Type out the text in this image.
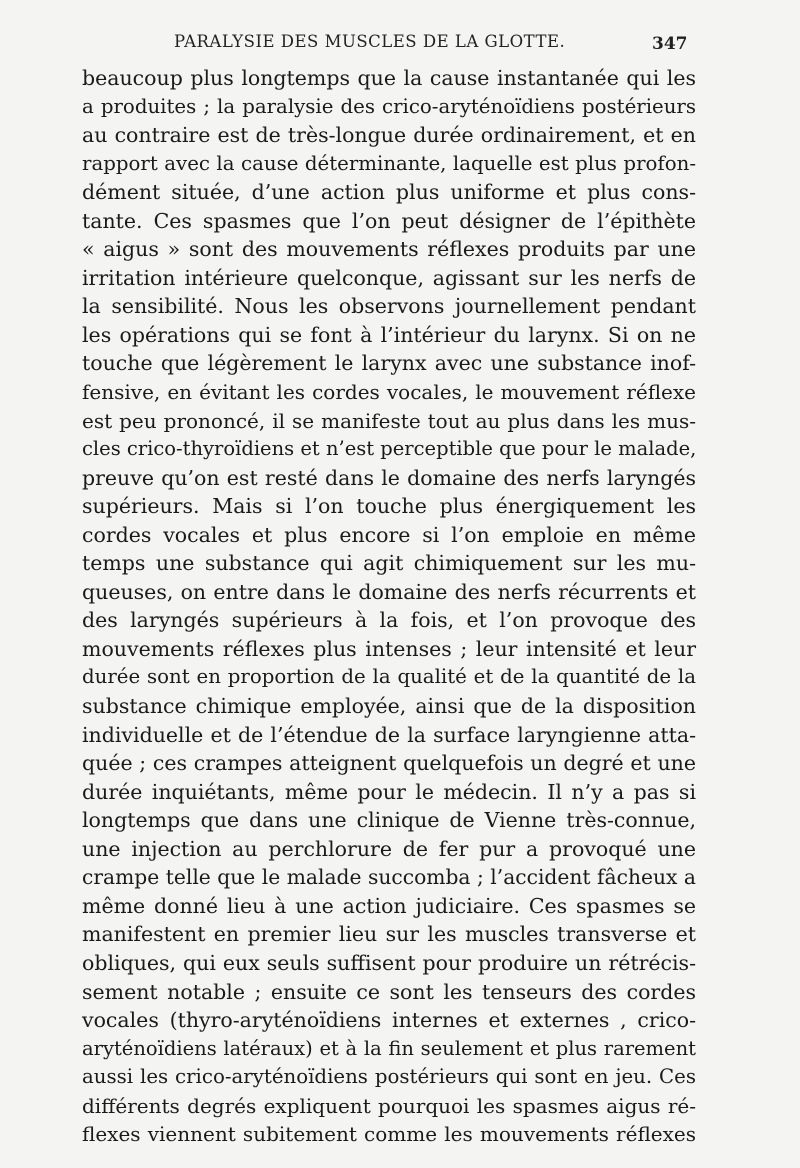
PARALYSIE DES MUSCLES DE LA GLOTTE.	347
beaucoup plus longtemps que la cause instantanée qui les
a produites ; la paralysie des crico-aryténoïdiens postérieurs
au contraire est de très-longue durée ordinairement, et en
rapport avec la cause déterminante, laquelle est plus profon-
dément située, d’une action plus uniforme et plus cons-
tante. Ces spasmes que l’on peut désigner de l’épithète
« aigus » sont des mouvements réflexes produits par une
irritation intérieure quelconque, agissant sur les nerfs de
la sensibilité. Nous les observons journellement pendant
les opérations qui se font à l’intérieur du larynx. Si on ne
touche que légèrement le larynx avec une substance inof-
fensive, en évitant les cordes vocales, le mouvement réflexe
est peu prononcé, il se manifeste tout au plus dans les mus-
cles crico-thyroïdiens et n’est perceptible que pour le malade,
preuve qu’on est resté dans le domaine des nerfs laryngés
supérieurs. Mais si l’on touche plus énergiquement les
cordes vocales et plus encore si l’on emploie en même
temps une substance qui agit chimiquement sur les mu-
queuses, on entre dans le domaine des nerfs récurrents et
des laryngés supérieurs à la fois, et l’on provoque des
mouvements réflexes plus intenses ; leur intensité et leur
durée sont en proportion de la qualité et de la quantité de la
substance chimique employée, ainsi que de la disposition
individuelle et de l’étendue de la surface laryngienne atta-
quée ; ces crampes atteignent quelquefois un degré et une
durée inquiétants, même pour le médecin. Il n’y a pas si
longtemps que dans une clinique de Vienne très-connue,
une injection au perchlorure de fer pur a provoqué une
crampe telle que le malade succomba ; l’accident fâcheux a
même donné lieu à une action judiciaire. Ces spasmes se
manifestent en premier lieu sur les muscles transverse et
obliques, qui eux seuls suffisent pour produire un rétrécis-
sement notable ; ensuite ce sont les tenseurs des cordes
vocales (thyro-aryténoïdiens internes et externes , crico-
aryténoïdiens latéraux) et à la fin seulement et plus rarement
aussi les crico-aryténoïdiens postérieurs qui sont en jeu. Ces
différents degrés expliquent pourquoi les spasmes aigus ré-
flexes viennent subitement comme les mouvements réflexes
